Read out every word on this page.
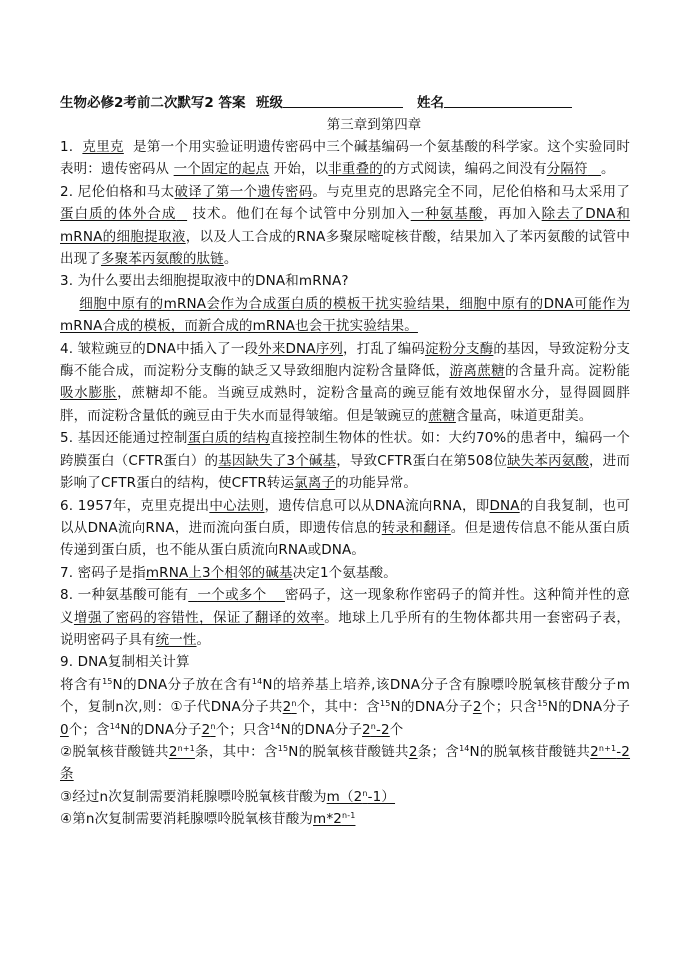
生物必修2考前二次默写2 答案 班级	姓名
第三章到第四章

1. 克里克 是第一个用实验证明遗传密码中三个碱基编码一个氨基酸的科学家。这个实验同时表明：遗传密码从 一个固定的起点 开始，以非重叠的的方式阅读，编码之间没有分隔符 。

2. 尼伦伯格和马太破译了第一个遗传密码。与克里克的思路完全不同，尼伦伯格和马太采用了蛋白质的体外合成 技术。他们在每个试管中分别加入一种氨基酸，再加入除去了DNA和mRNA的细胞提取液，以及人工合成的RNA多聚尿嘧啶核苷酸，结果加入了苯丙氨酸的试管中出现了多聚苯丙氨酸的肽链。

3. 为什么要出去细胞提取液中的DNA和mRNA?
细胞中原有的mRNA会作为合成蛋白质的模板干扰实验结果，细胞中原有的DNA可能作为mRNA合成的模板，而新合成的mRNA也会干扰实验结果。

4. 皱粒豌豆的DNA中插入了一段外来DNA序列，打乱了编码淀粉分支酶的基因，导致淀粉分支酶不能合成，而淀粉分支酶的缺乏又导致细胞内淀粉含量降低，游离蔗糖的含量升高。淀粉能吸水膨胀，蔗糖却不能。当豌豆成熟时，淀粉含量高的豌豆能有效地保留水分，显得圆圆胖胖，而淀粉含量低的豌豆由于失水而显得皱缩。但是皱豌豆的蔗糖含量高，味道更甜美。

5. 基因还能通过控制蛋白质的结构直接控制生物体的性状。如：大约70%的患者中，编码一个跨膜蛋白（CFTR蛋白）的基因缺失了3个碱基，导致CFTR蛋白在第508位缺失苯丙氨酸，进而影响了CFTR蛋白的结构，使CFTR转运氯离子的功能异常。

6. 1957年，克里克提出中心法则，遗传信息可以从DNA流向RNA，即DNA的自我复制，也可以从DNA流向RNA，进而流向蛋白质，即遗传信息的转录和翻译。但是遗传信息不能从蛋白质传递到蛋白质，也不能从蛋白质流向RNA或DNA。

7. 密码子是指mRNA上3个相邻的碱基决定1个氨基酸。

8. 一种氨基酸可能有 一个或多个 密码子，这一现象称作密码子的简并性。这种简并性的意义增强了密码的容错性，保证了翻译的效率。地球上几乎所有的生物体都共用一套密码子表，说明密码子具有统一性。

9. DNA复制相关计算
将含有$^{15}$N的DNA分子放在含有$^{14}$N的培养基上培养,该DNA分子含有腺嘌呤脱氧核苷酸分子m个，复制n次,则：①子代DNA分子共2$^n$个，其中：含$^{15}$N的DNA分子2个；只含$^{15}$N的DNA分子0个；含$^{14}$N的DNA分子2$^n$个；只含$^{14}$N的DNA分子2$^n$-2个
②脱氧核苷酸链共$2^{n+1}$条，其中：含$^{15}$N的脱氧核苷酸链共2条；含$^{14}$N的脱氧核苷酸链共$2^{n+1}-2$条
③经过n次复制需要消耗腺嘌呤脱氧核苷酸为m（2$^n$-1）
④第n次复制需要消耗腺嘌呤脱氧核苷酸为m*2$^{n-1}$
